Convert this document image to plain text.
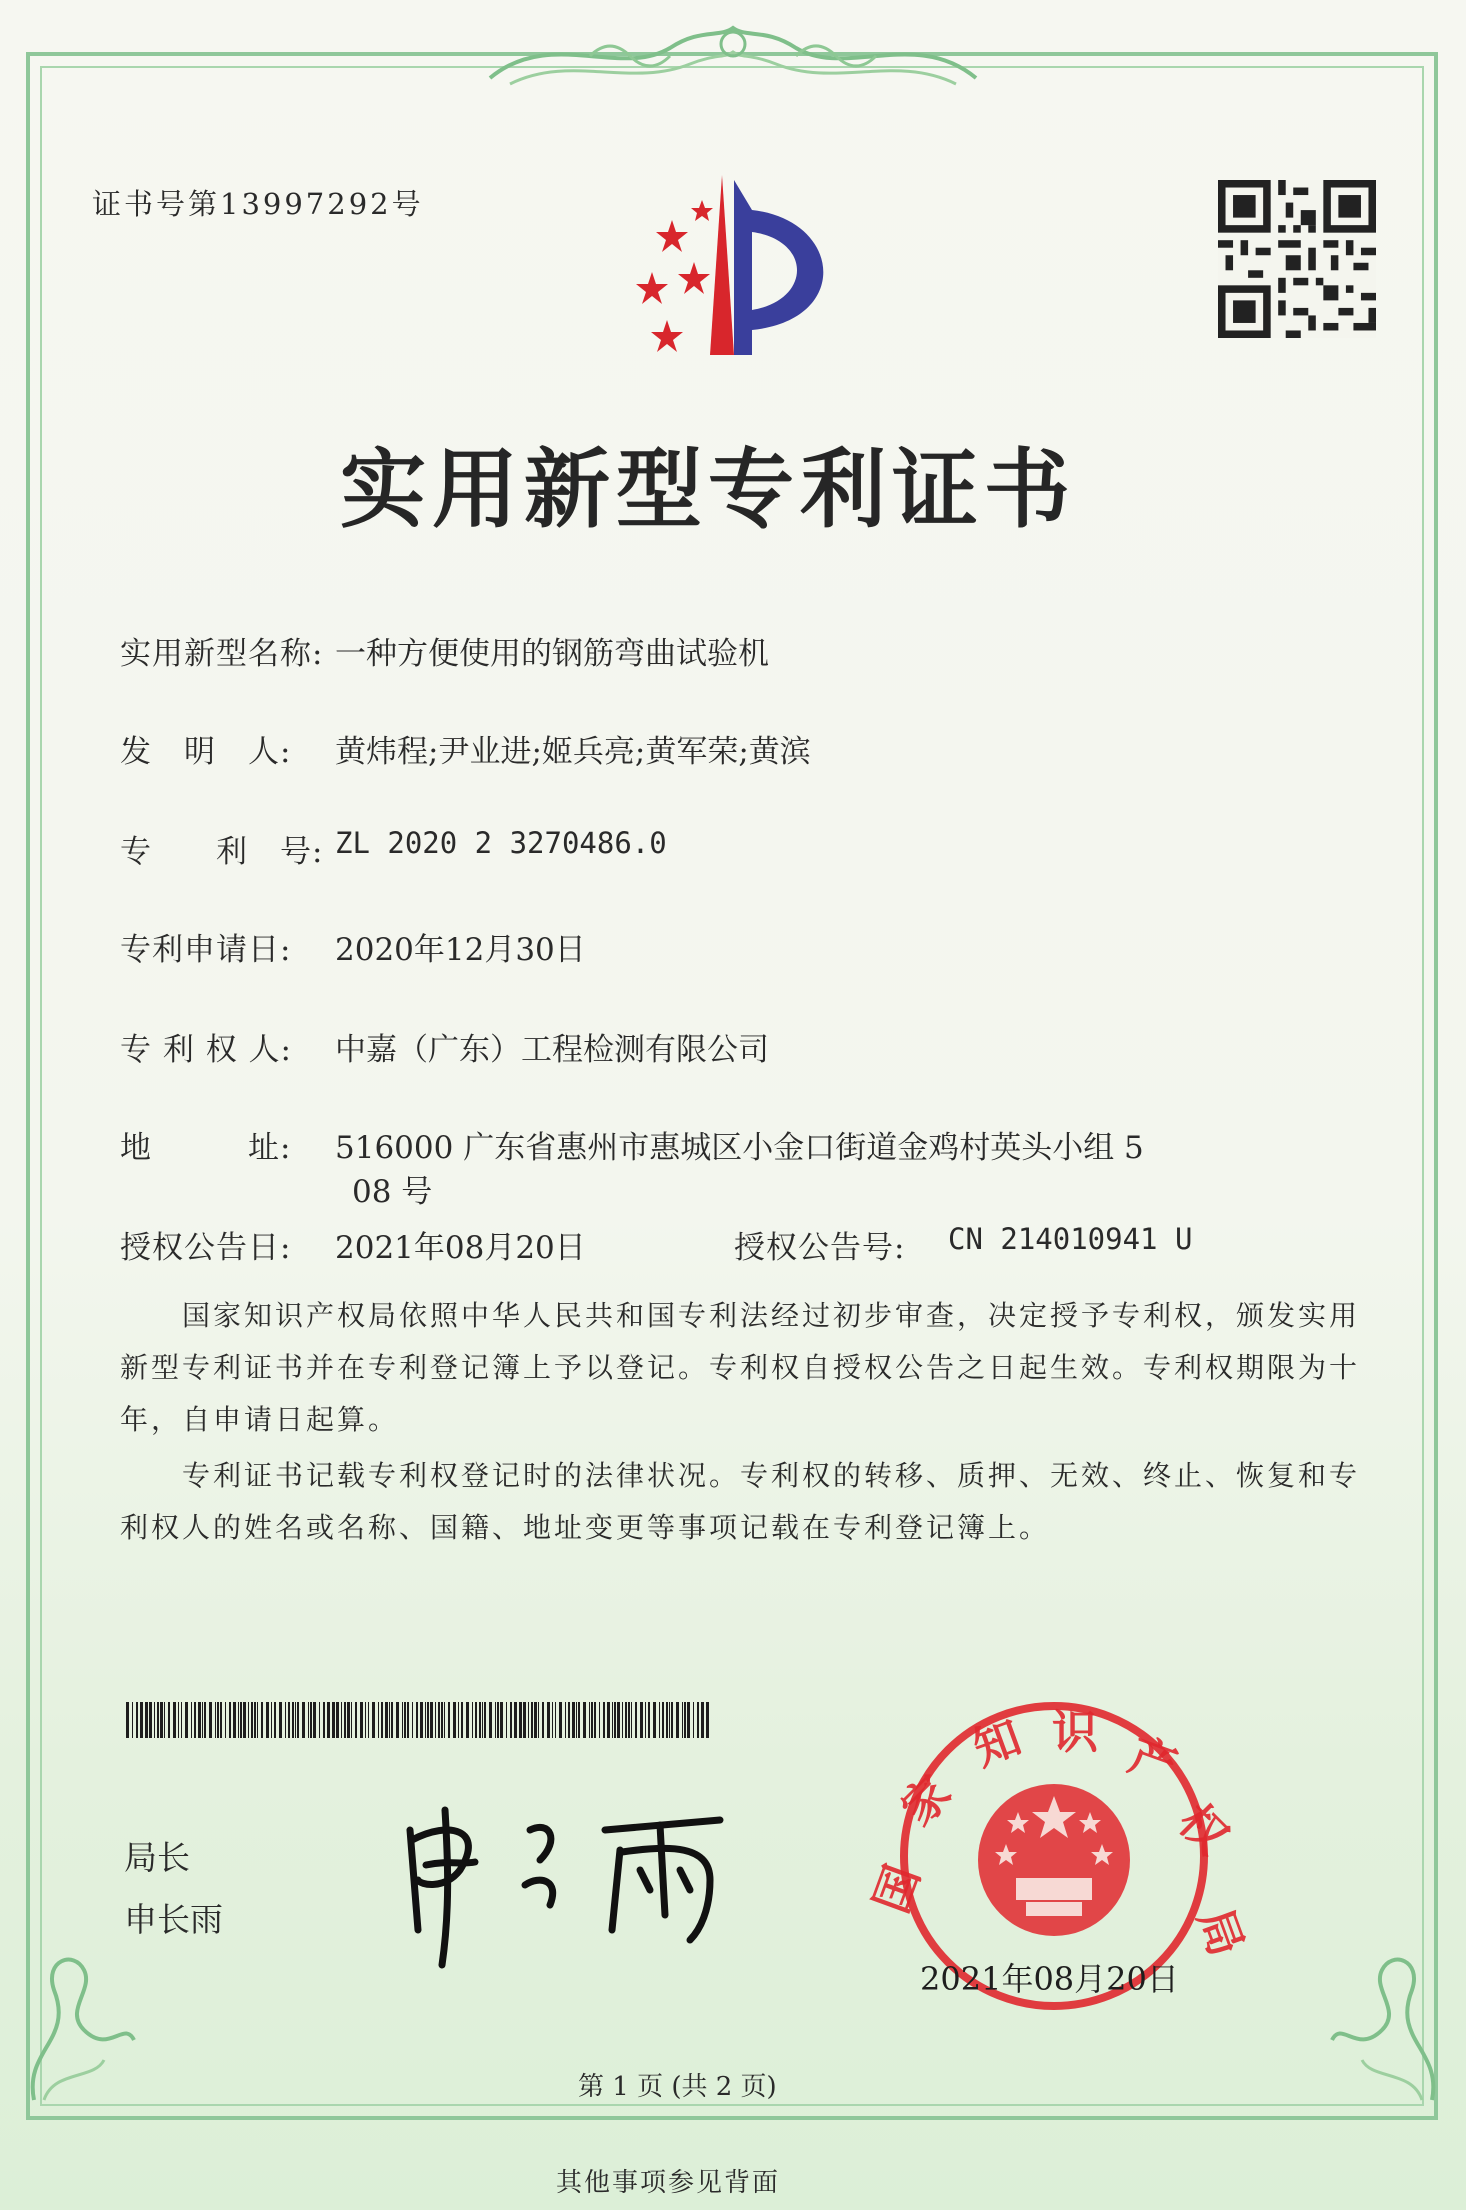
证书号第13997292号
实用新型专利证书
实用新型名称: 一种方便使用的钢筋弯曲试验机
发　明　人: 黄炜程;尹业进;姬兵亮;黄军荣;黄滨
专　　利　号: ZL 2020 2 3270486.0
专利申请日: 2020年12月30日
专 利 权 人: 中嘉（广东）工程检测有限公司
地　　　址: 516000 广东省惠州市惠城区小金口街道金鸡村英头小组 5
08 号
授权公告日: 2021年08月20日	授权公告号: CN 214010941 U
国家知识产权局依照中华人民共和国专利法经过初步审查，决定授予专利权，颁发实用新型专利证书并在专利登记簿上予以登记。专利权自授权公告之日起生效。专利权期限为十年，自申请日起算。
专利证书记载专利权登记时的法律状况。专利权的转移、质押、无效、终止、恢复和专利权人的姓名或名称、国籍、地址变更等事项记载在专利登记簿上。
局长
申长雨	国
家
知 识 产
权
局
2021年08月20日
第 1 页 (共 2 页)
其他事项参见背面
